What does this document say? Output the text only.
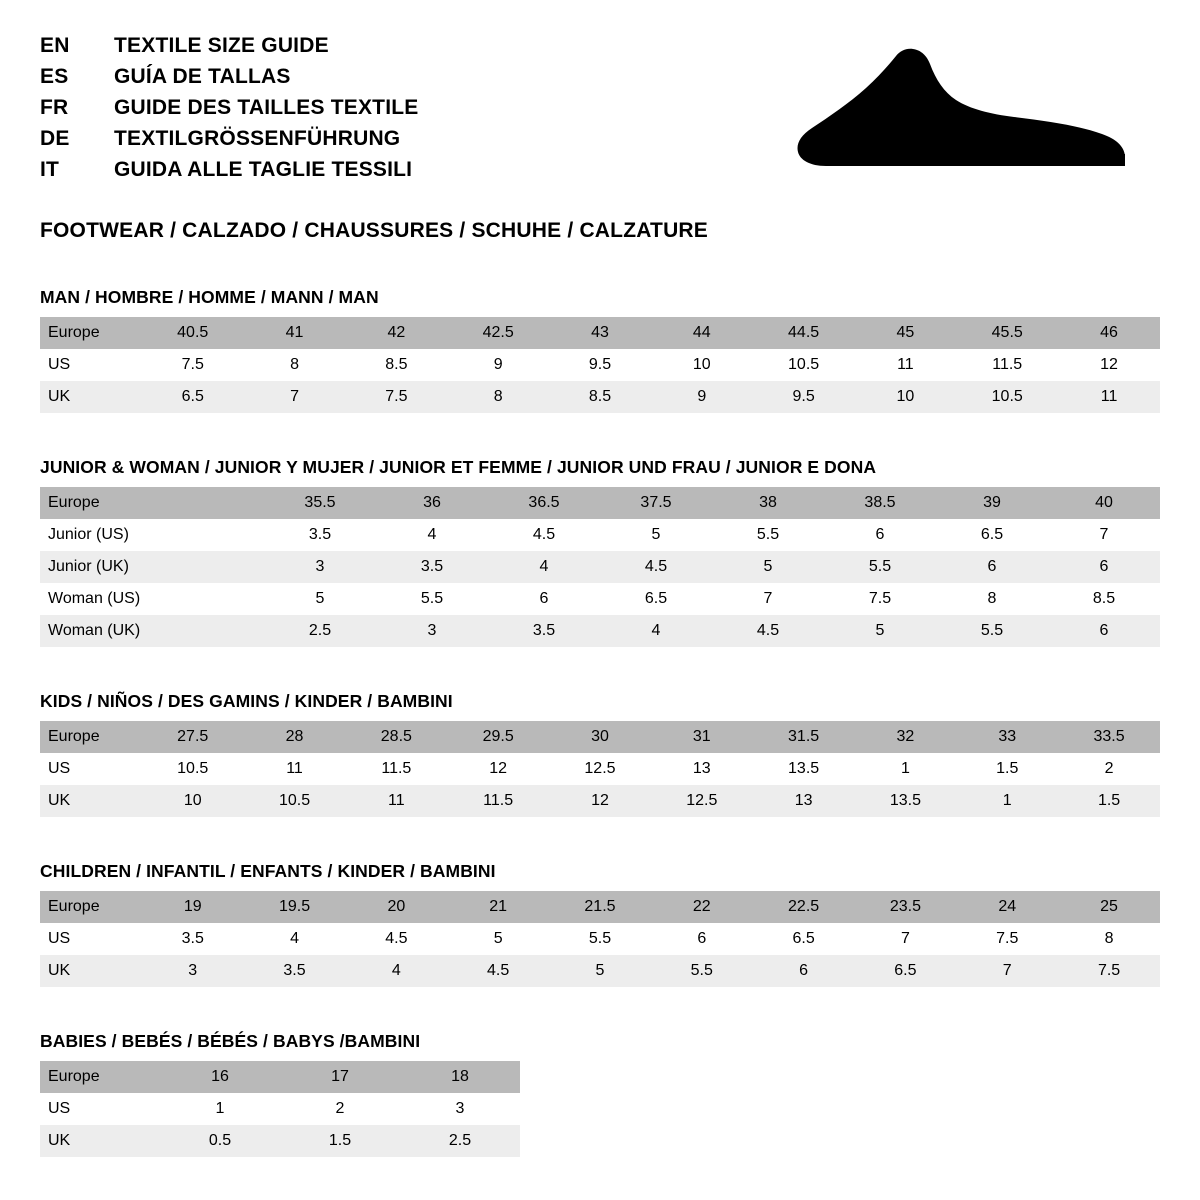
EN	TEXTILE SIZE GUIDE
ES	GUÍA DE TALLAS
FR	GUIDE DES TAILLES TEXTILE
DE	TEXTILGRÖSSENFÜHRUNG
IT	GUIDA ALLE TAGLIE TESSILI
FOOTWEAR / CALZADO / CHAUSSURES / SCHUHE / CALZATURE
MAN / HOMBRE / HOMME / MANN / MAN
Europe	40.5	41	42	42.5	43	44	44.5	45	45.5	46
US	7.5	8	8.5	9	9.5	10	10.5	11	11.5	12
UK	6.5	7	7.5	8	8.5	9	9.5	10	10.5	11
JUNIOR & WOMAN / JUNIOR Y MUJER / JUNIOR ET FEMME / JUNIOR UND FRAU / JUNIOR E DONA
Europe		35.5	36	36.5	37.5	38	38.5	39	40
Junior (US)		3.5	4	4.5	5	5.5	6	6.5	7
Junior (UK)		3	3.5	4	4.5	5	5.5	6	6
Woman (US)		5	5.5	6	6.5	7	7.5	8	8.5
Woman (UK)		2.5	3	3.5	4	4.5	5	5.5	6
KIDS / NIÑOS / DES GAMINS / KINDER / BAMBINI
Europe	27.5	28	28.5	29.5	30	31	31.5	32	33	33.5
US	10.5	11	11.5	12	12.5	13	13.5	1	1.5	2
UK	10	10.5	11	11.5	12	12.5	13	13.5	1	1.5
CHILDREN / INFANTIL / ENFANTS / KINDER / BAMBINI
Europe	19	19.5	20	21	21.5	22	22.5	23.5	24	25
US	3.5	4	4.5	5	5.5	6	6.5	7	7.5	8
UK	3	3.5	4	4.5	5	5.5	6	6.5	7	7.5
BABIES / BEBÉS / BÉBÉS / BABYS /BAMBINI
Europe	16	17	18
US	1	2	3
UK	0.5	1.5	2.5
